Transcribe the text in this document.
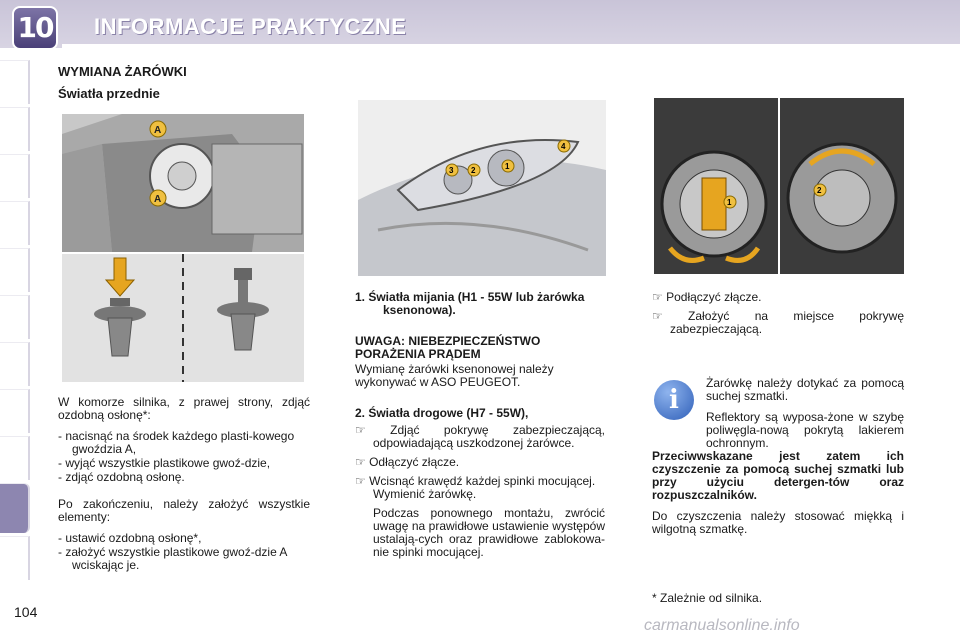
10 INFORMACJE PRAKTYCZNE
104
WYMIANA ŻARÓWKI
Światła przednie
A
A

W komorze silnika, z prawej strony, zdjąć ozdobną osłonę*:

- nacisnąć na środek każdego plasti-kowego gwoździa A,
- wyjąć wszystkie plastikowe gwoź-dzie,
- zdjąć ozdobną osłonę.

Po zakończeniu, należy założyć wszystkie elementy:

- ustawić ozdobną osłonę*,
- założyć wszystkie plastikowe gwoź-dzie A wciskając je.
3 2	1
4

1. Światła mijania (H1 - 55W lub żarówka ksenonowa).

UWAGA: NIEBEZPIECZEŃSTWO PORAŻENIA PRĄDEM

Wymianę żarówki ksenonowej należy wykonywać w ASO PEUGEOT.

2. Światła drogowe (H7 - 55W),

☞ Zdjąć pokrywę zabezpieczającą, odpowiadającą uszkodzonej żarówce.
☞ Odłączyć złącze.
☞ Wcisnąć krawędź każdej spinki mocującej. Wymienić żarówkę.

Podczas ponownego montażu, zwrócić uwagę na prawidłowe ustawienie występów ustalają-cych oraz prawidłowe zablokowa-nie spinki mocującej.

1
2
☞ Podłączyć złącze.
☞ Założyć na miejsce pokrywę zabezpieczającą.
i

Żarówkę należy dotykać za pomocą suchej szmatki.

Reflektory są wyposa-żone w szybę poliwęgla-nową pokrytą lakierem ochronnym.

Przeciwwskazane jest zatem ich czyszczenie za pomocą suchej szmatki lub przy użyciu detergen-tów oraz rozpuszczalników.

Do czyszczenia należy stosować miękką i wilgotną szmatkę.

* Zależnie od silnika.
carmanualsonline.info
